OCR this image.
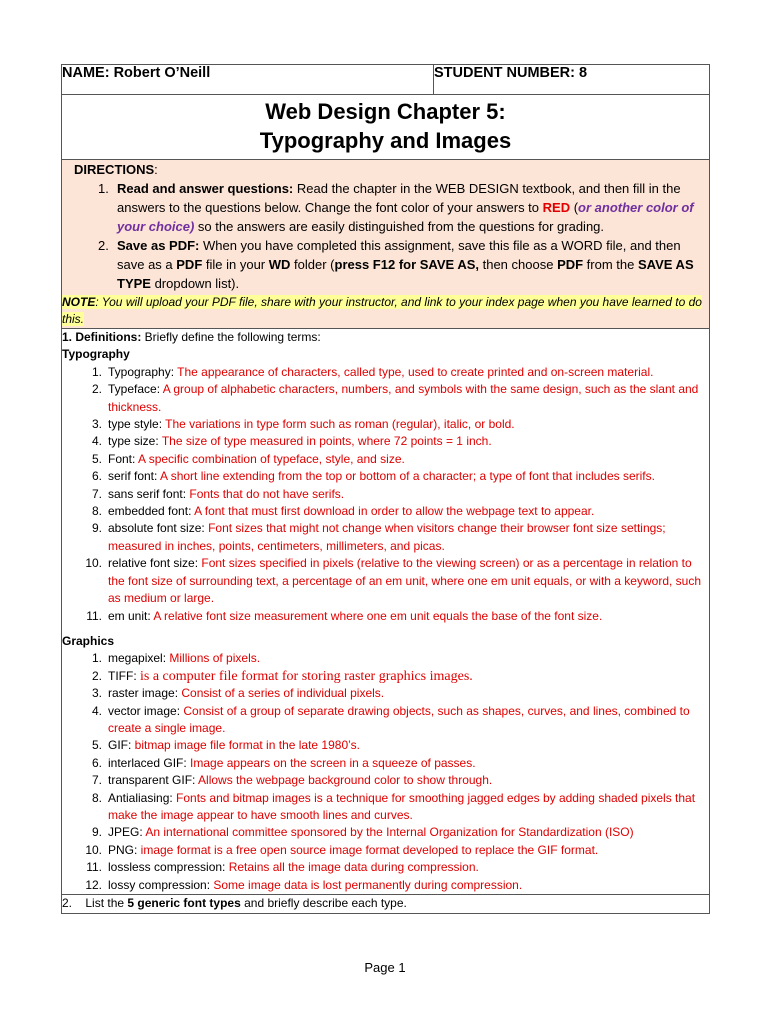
NAME: Robert O’Neill	STUDENT NUMBER: 8

Web Design Chapter 5:
Typography and Images

DIRECTIONS:
1. Read and answer questions: Read the chapter in the WEB DESIGN textbook, and then fill in the answers to the questions below. Change the font color of your answers to RED (or another color of your choice) so the answers are easily distinguished from the questions for grading.
2. Save as PDF: When you have completed this assignment, save this file as a WORD file, and then save as a PDF file in your WD folder (press F12 for SAVE AS, then choose PDF from the SAVE AS TYPE dropdown list).
NOTE: You will upload your PDF file, share with your instructor, and link to your index page when you have learned to do this.

1. Definitions: Briefly define the following terms:
Typography
1. Typography: The appearance of characters, called type, used to create printed and on-screen material.
2. Typeface: A group of alphabetic characters, numbers, and symbols with the same design, such as the slant and thickness.
3. type style: The variations in type form such as roman (regular), italic, or bold.
4. type size: The size of type measured in points, where 72 points = 1 inch.
5. Font: A specific combination of typeface, style, and size.
6. serif font: A short line extending from the top or bottom of a character; a type of font that includes serifs.
7. sans serif font: Fonts that do not have serifs.
8. embedded font: A font that must first download in order to allow the webpage text to appear.
9. absolute font size: Font sizes that might not change when visitors change their browser font size settings; measured in inches, points, centimeters, millimeters, and picas.
10. relative font size: Font sizes specified in pixels (relative to the viewing screen) or as a percentage in relation to the font size of surrounding text, a percentage of an em unit, where one em unit equals, or with a keyword, such as medium or large.
11. em unit: A relative font size measurement where one em unit equals the base of the font size.
Graphics
1. megapixel: Millions of pixels.
2. TIFF: is a computer file format for storing raster graphics images.
3. raster image: Consist of a series of individual pixels.
4. vector image: Consist of a group of separate drawing objects, such as shapes, curves, and lines, combined to create a single image.
5. GIF: bitmap image file format in the late 1980’s.
6. interlaced GIF: Image appears on the screen in a squeeze of passes.
7. transparent GIF: Allows the webpage background color to show through.
8. Antialiasing: Fonts and bitmap images is a technique for smoothing jagged edges by adding shaded pixels that make the image appear to have smooth lines and curves.
9. JPEG: An international committee sponsored by the Internal Organization for Standardization (ISO)
10. PNG: image format is a free open source image format developed to replace the GIF format.
11. lossless compression: Retains all the image data during compression.
12. lossy compression: Some image data is lost permanently during compression.

2. List the 5 generic font types and briefly describe each type.
Page 1
